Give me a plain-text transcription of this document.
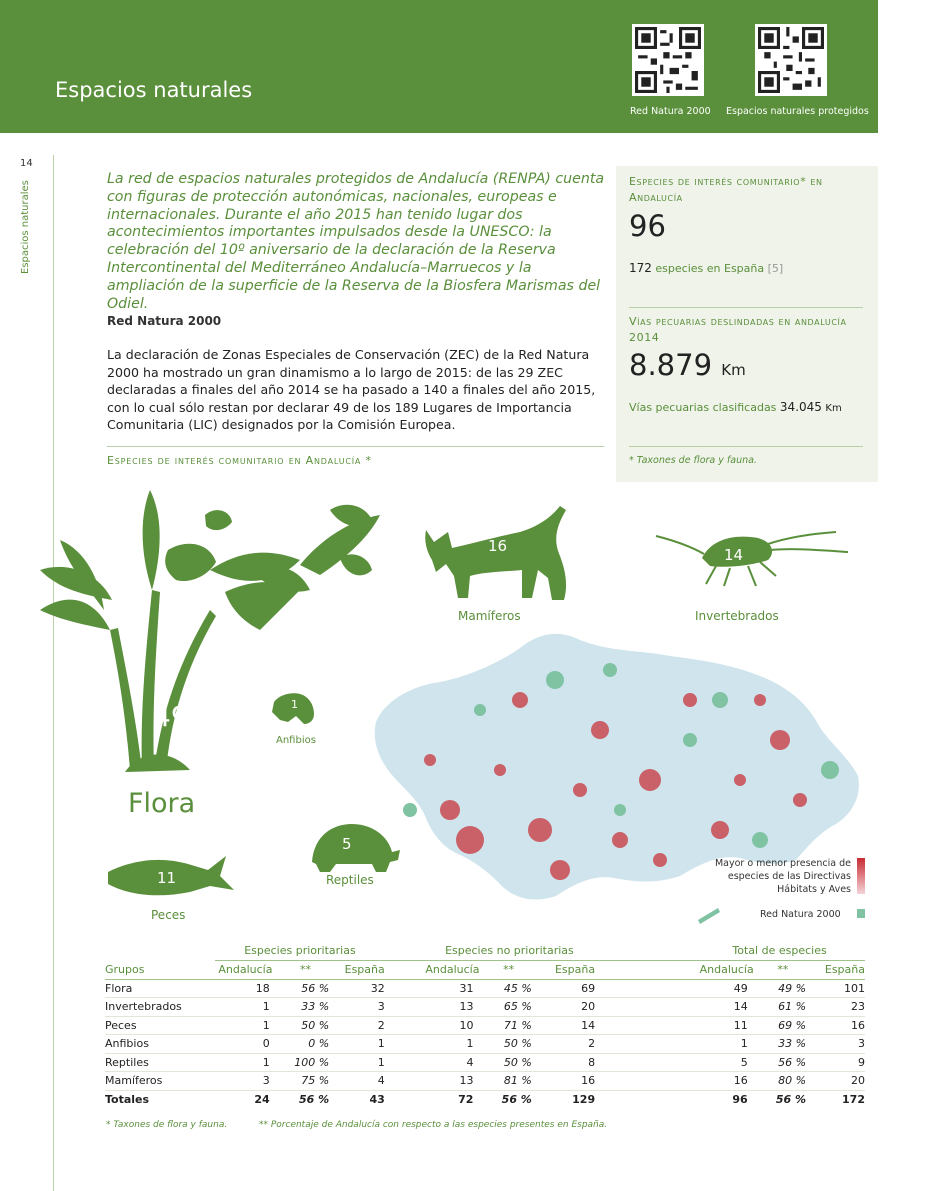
Espacios naturales
Red Natura 2000 Espacios naturales protegidos
14
Espacios naturales
La red de espacios naturales protegidos de Andalucía (RENPA) cuenta con figuras de protección autonómicas, nacionales, europeas e internacionales. Durante el año 2015 han tenido lugar dos acontecimientos importantes impulsados desde la UNESCO: la celebración del 10º aniversario de la declaración de la Reserva Intercontinental del Mediterráneo Andalucía–Marruecos y la ampliación de la superficie de la Reserva de la Biosfera Marismas del Odiel.
Red Natura 2000
La declaración de Zonas Especiales de Conservación (ZEC) de la Red Natura 2000 ha mostrado un gran dinamismo a lo largo de 2015: de las 29 ZEC declaradas a finales del año 2014 se ha pasado a 140 a finales del año 2015, con lo cual sólo restan por declarar 49 de los 189 Lugares de Importancia Comunitaria (LIC) designados por la Comisión Europea.
Especies de interés comunitario en Andalucía *
Especies de interés comunitario* en Andalucía
96
172 especies en España [5]
Vías pecuarias deslindadas en andalucía 2014
8.879 Km
Vías pecuarias clasificadas 34.045 Km
* Taxones de flora y fauna.
49
Flora
16
Mamíferos
14
Invertebrados
1
Anfibios
5
Reptiles
11
Peces
Mayor o menor presencia de especies de las Directivas Hábitats y Aves
Red Natura 2000
	Especies prioritarias			Especies no prioritarias			Total de especies		
Grupos	Andalucía	**	España	Andalucía	**	España	Andalucía	**	España
Flora	18	56 %	32	31	45 %	69	49	49 %	101
Invertebrados	1	33 %	3	13	65 %	20	14	61 %	23
Peces	1	50 %	2	10	71 %	14	11	69 %	16
Anfibios	0	0 %	1	1	50 %	2	1	33 %	3
Reptiles	1	100 %	1	4	50 %	8	5	56 %	9
Mamíferos	3	75 %	4	13	81 %	16	16	80 %	20
Totales	24	56 %	43	72	56 %	129	96	56 %	172
* Taxones de flora y fauna.	** Porcentaje de Andalucía con respecto a las especies presentes en España.
